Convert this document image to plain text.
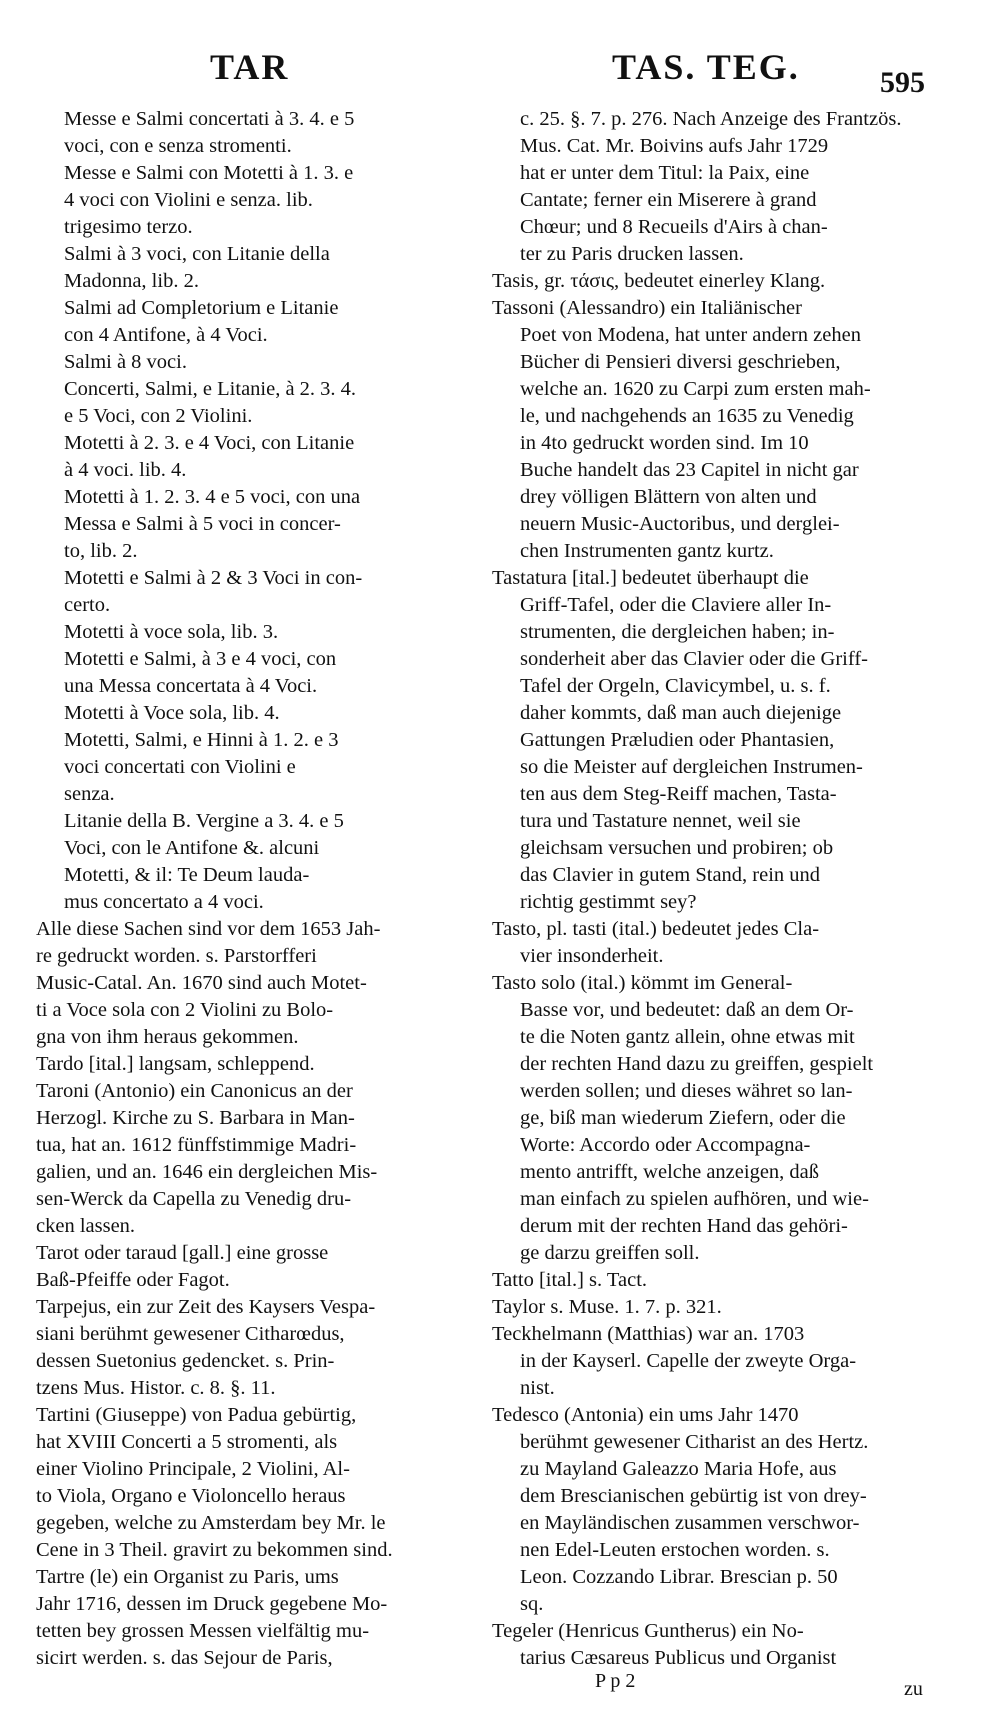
TAR	TAS. TEG.	595
Messe e Salmi concertati à 3. 4. e 5
voci, con e senza stromenti.
Messe e Salmi con Motetti à 1. 3. e
4 voci con Violini e senza. lib.
trigesimo terzo.
Salmi à 3 voci, con Litanie della
Madonna, lib. 2.
Salmi ad Completorium e Litanie
con 4 Antifone, à 4 Voci.
Salmi à 8 voci.
Concerti, Salmi, e Litanie, à 2. 3. 4.
e 5 Voci, con 2 Violini.
Motetti à 2. 3. e 4 Voci, con Litanie
à 4 voci. lib. 4.
Motetti à 1. 2. 3. 4 e 5 voci, con una
Messa e Salmi à 5 voci in concer-
to, lib. 2.
Motetti e Salmi à 2 & 3 Voci in con-
certo.
Motetti à voce sola, lib. 3.
Motetti e Salmi, à 3 e 4 voci, con
una Messa concertata à 4 Voci.
Motetti à Voce sola, lib. 4.
Motetti, Salmi, e Hinni à 1. 2. e 3
voci concertati con Violini e
senza.
Litanie della B. Vergine a 3. 4. e 5
Voci, con le Antifone &. alcuni
Motetti, & il: Te Deum lauda-
mus concertato a 4 voci.
Alle diese Sachen sind vor dem 1653 Jah-
re gedruckt worden. s. Parstorfferi
Music-Catal. An. 1670 sind auch Motet-
ti a Voce sola con 2 Violini zu Bolo-
gna von ihm heraus gekommen.
Tardo [ital.] langsam, schleppend.
Taroni (Antonio) ein Canonicus an der
Herzogl. Kirche zu S. Barbara in Man-
tua, hat an. 1612 fünffstimmige Madri-
galien, und an. 1646 ein dergleichen Mis-
sen-Werck da Capella zu Venedig dru-
cken lassen.
Tarot oder taraud [gall.] eine grosse
Baß-Pfeiffe oder Fagot.
Tarpejus, ein zur Zeit des Kaysers Vespa-
siani berühmt gewesener Citharœdus,
dessen Suetonius gedencket. s. Prin-
tzens Mus. Histor. c. 8. §. 11.
Tartini (Giuseppe) von Padua gebürtig,
hat XVIII Concerti a 5 stromenti, als
einer Violino Principale, 2 Violini, Al-
to Viola, Organo e Violoncello heraus
gegeben, welche zu Amsterdam bey Mr. le
Cene in 3 Theil. gravirt zu bekommen sind.
Tartre (le) ein Organist zu Paris, ums
Jahr 1716, dessen im Druck gegebene Mo-
tetten bey grossen Messen vielfältig mu-
sicirt werden. s. das Sejour de Paris,
c. 25. §. 7. p. 276. Nach Anzeige des Frantzös.
Mus. Cat. Mr. Boivins aufs Jahr 1729
hat er unter dem Titul: la Paix, eine
Cantate; ferner ein Miserere à grand
Chœur; und 8 Recueils d'Airs à chan-
ter zu Paris drucken lassen.
Tasis, gr. τάσις, bedeutet einerley Klang.
Tassoni (Alessandro) ein Italiänischer
Poet von Modena, hat unter andern zehen
Bücher di Pensieri diversi geschrieben,
welche an. 1620 zu Carpi zum ersten mah-
le, und nachgehends an 1635 zu Venedig
in 4to gedruckt worden sind. Im 10
Buche handelt das 23 Capitel in nicht gar
drey völligen Blättern von alten und
neuern Music-Auctoribus, und derglei-
chen Instrumenten gantz kurtz.
Tastatura [ital.] bedeutet überhaupt die
Griff-Tafel, oder die Claviere aller In-
strumenten, die dergleichen haben; in-
sonderheit aber das Clavier oder die Griff-
Tafel der Orgeln, Clavicymbel, u. s. f.
daher kommts, daß man auch diejenige
Gattungen Præludien oder Phantasien,
so die Meister auf dergleichen Instrumen-
ten aus dem Steg-Reiff machen, Tasta-
tura und Tastature nennet, weil sie
gleichsam versuchen und probiren; ob
das Clavier in gutem Stand, rein und
richtig gestimmt sey?
Tasto, pl. tasti (ital.) bedeutet jedes Cla-
vier insonderheit.
Tasto solo (ital.) kömmt im General-
Basse vor, und bedeutet: daß an dem Or-
te die Noten gantz allein, ohne etwas mit
der rechten Hand dazu zu greiffen, gespielt
werden sollen; und dieses währet so lan-
ge, biß man wiederum Ziefern, oder die
Worte: Accordo oder Accompagna-
mento antrifft, welche anzeigen, daß
man einfach zu spielen aufhören, und wie-
derum mit der rechten Hand das gehöri-
ge darzu greiffen soll.
Tatto [ital.] s. Tact.
Taylor s. Muse. 1. 7. p. 321.
Teckhelmann (Matthias) war an. 1703
in der Kayserl. Capelle der zweyte Orga-
nist.
Tedesco (Antonia) ein ums Jahr 1470
berühmt gewesener Citharist an des Hertz.
zu Mayland Galeazzo Maria Hofe, aus
dem Brescianischen gebürtig ist von drey-
en Mayländischen zusammen verschwor-
nen Edel-Leuten erstochen worden. s.
Leon. Cozzando Librar. Brescian p. 50
sq.
Tegeler (Henricus Guntherus) ein No-
tarius Cæsareus Publicus und Organist
P p 2	zu
